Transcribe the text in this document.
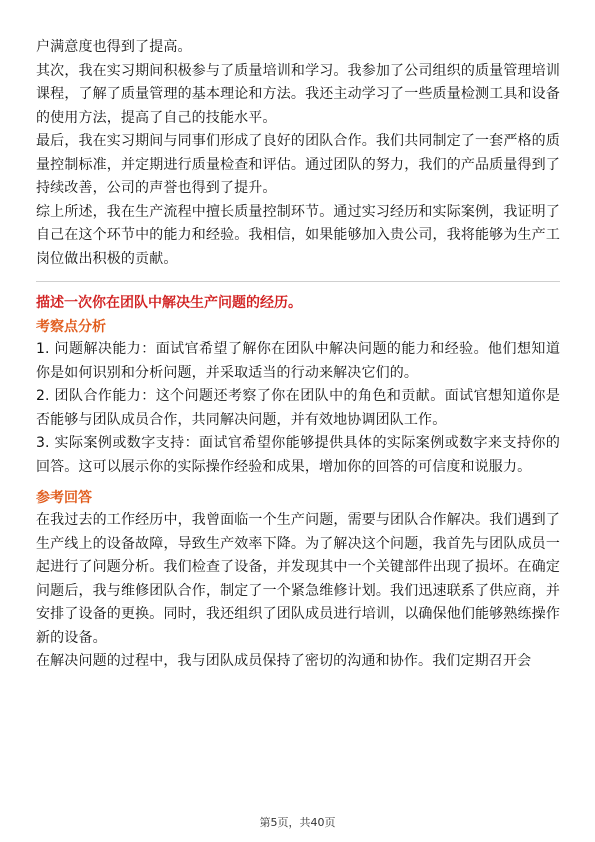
户满意度也得到了提高。

其次，我在实习期间积极参与了质量培训和学习。我参加了公司组织的质量管理培训课程，了解了质量管理的基本理论和方法。我还主动学习了一些质量检测工具和设备的使用方法，提高了自己的技能水平。

最后，我在实习期间与同事们形成了良好的团队合作。我们共同制定了一套严格的质量控制标准，并定期进行质量检查和评估。通过团队的努力，我们的产品质量得到了持续改善，公司的声誉也得到了提升。

综上所述，我在生产流程中擅长质量控制环节。通过实习经历和实际案例，我证明了自己在这个环节中的能力和经验。我相信，如果能够加入贵公司，我将能够为生产工岗位做出积极的贡献。

描述一次你在团队中解决生产问题的经历。

考察点分析

1. 问题解决能力：面试官希望了解你在团队中解决问题的能力和经验。他们想知道你是如何识别和分析问题，并采取适当的行动来解决它们的。

2. 团队合作能力：这个问题还考察了你在团队中的角色和贡献。面试官想知道你是否能够与团队成员合作，共同解决问题，并有效地协调团队工作。

3. 实际案例或数字支持：面试官希望你能够提供具体的实际案例或数字来支持你的回答。这可以展示你的实际操作经验和成果，增加你的回答的可信度和说服力。

参考回答

在我过去的工作经历中，我曾面临一个生产问题，需要与团队合作解决。我们遇到了生产线上的设备故障，导致生产效率下降。为了解决这个问题，我首先与团队成员一起进行了问题分析。我们检查了设备，并发现其中一个关键部件出现了损坏。在确定问题后，我与维修团队合作，制定了一个紧急维修计划。我们迅速联系了供应商，并安排了设备的更换。同时，我还组织了团队成员进行培训，以确保他们能够熟练操作新的设备。

在解决问题的过程中，我与团队成员保持了密切的沟通和协作。我们定期召开会

第5页，共40页
